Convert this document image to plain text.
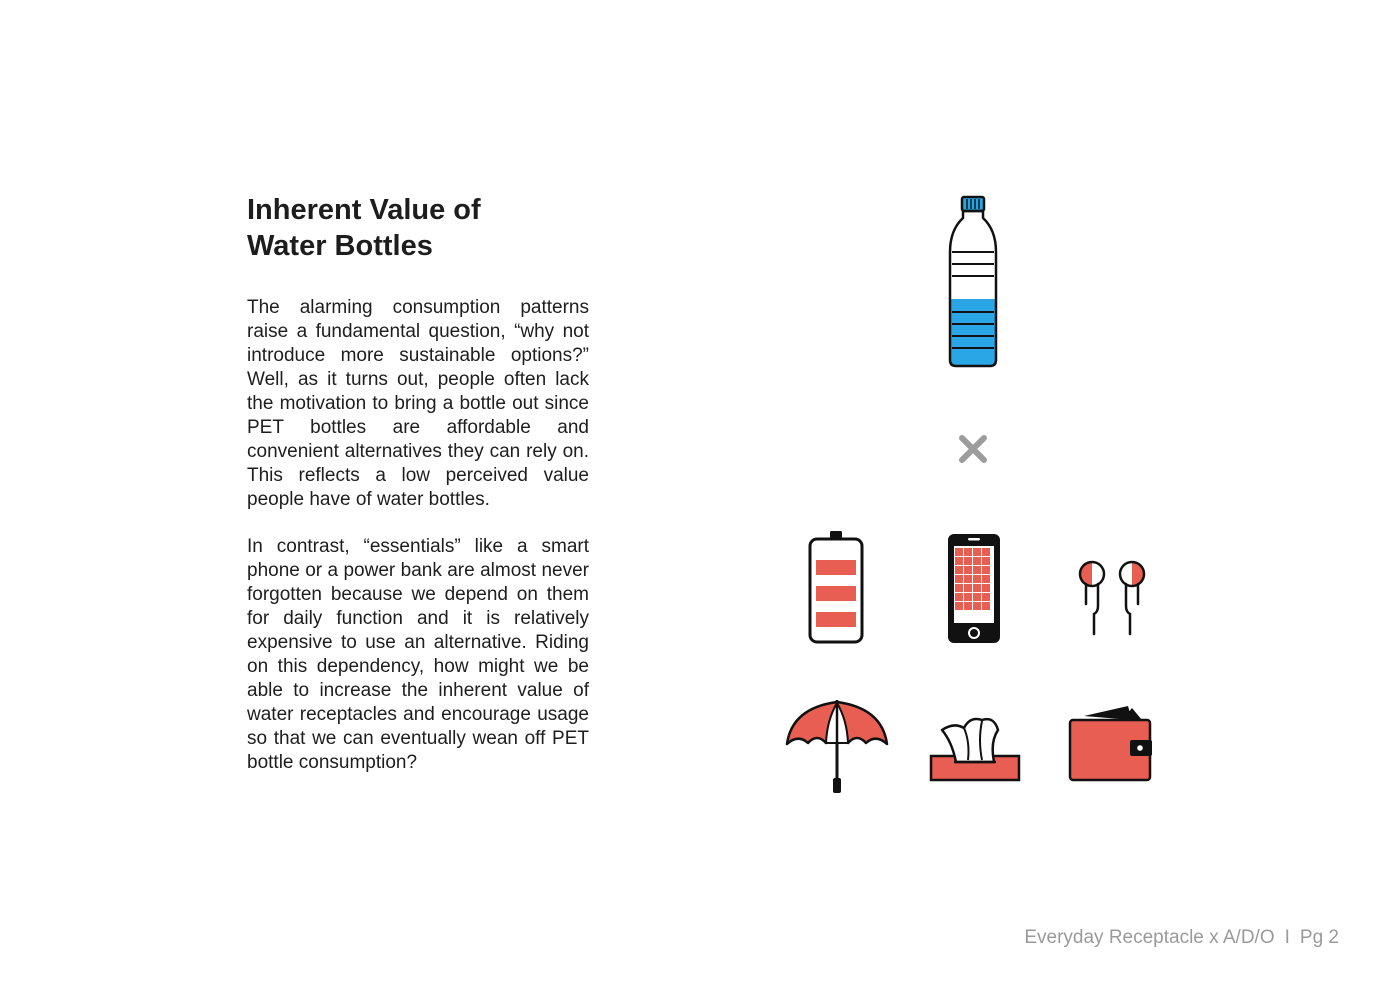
Inherent Value of
Water Bottles

The alarming consumption patterns raise a fundamental question, “why not introduce more sustainable options?” Well, as it turns out, people often lack the motivation to bring a bottle out since PET bottles are affordable and convenient alternatives they can rely on. This reflects a low perceived value people have of water bottles.

In contrast, “essentials” like a smart phone or a power bank are almost never forgotten because we depend on them for daily function and it is relatively expensive to use an alternative. Riding on this dependency, how might we be able to increase the inherent value of water receptacles and encourage usage so that we can eventually wean off PET bottle consumption?

Everyday Receptacle x A/D/O I Pg 2
